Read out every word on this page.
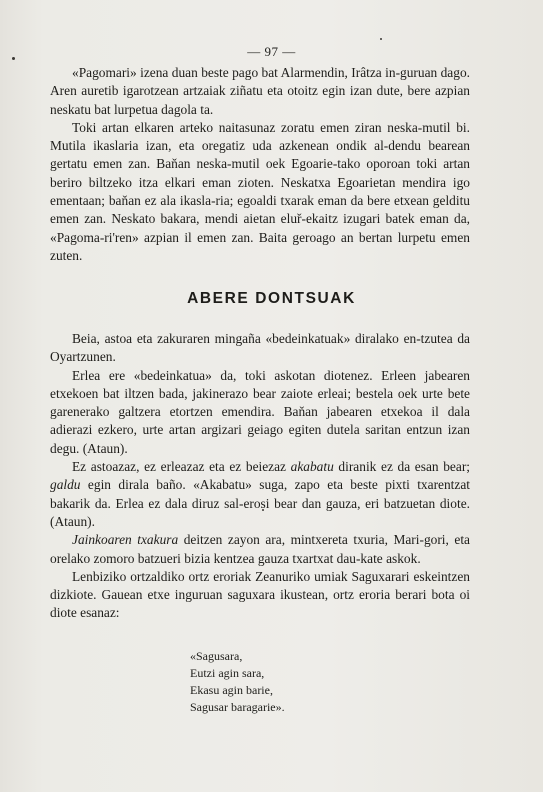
— 97 —

«Pagomari» izena duan beste pago bat Alarmendin, Irâtza in-guruan dago. Aren auretib igarotzean artzaiak ziñatu eta otoitz egin izan dute, bere azpian neskatu bat lurpetua dagola ta.

Toki artan elkaren arteko naitasunaz zoratu emen ziran neska-mutil bi. Mutila ikaslaria izan, eta oregatiz uda azkenean ondik al-dendu bearean gertatu emen zan. Baňan neska-mutil oek Egoarie-tako oporoan toki artan beriro biltzeko itza elkari eman zioten. Neskatxa Egoarietan mendira igo ementaan; baňan ez ala ikasla-ria; egoaldi txarak eman da bere etxean gelditu emen zan. Neskato bakara, mendi aietan eluř-ekaitz izugari batek eman da, «Pagoma-ri'ren» azpian il emen zan. Baita geroago an bertan lurpetu emen zuten.

ABERE DONTSUAK

Beia, astoa eta zakuraren mingaña «bedeinkatuak» diralako en-tzutea da Oyartzunen.

Erlea ere «bedeinkatua» da, toki askotan diotenez. Erleen jabearen etxekoen bat iltzen bada, jakinerazo bear zaiote erleai; bestela oek urte bete garenerako galtzera etortzen emendira. Baňan jabearen etxekoa il dala adierazi ezkero, urte artan argizari geiago egiten dutela saritan entzun izan degu. (Ataun).

Ez astoazaz, ez erleazaz eta ez beiezaz akabatu diranik ez da esan bear; galdu egin dirala baño. «Akabatu» suga, zapo eta beste pixti txarentzat bakarik da. Erlea ez dala diruz sal-erosi bear dan gauza, eri batzuetan diote. (Ataun).

Jainkoaren txakura deitzen zayon ara, mintxereta txuria, Mari-gori, eta orelako zomoro batzueri bizia kentzea gauza txartxat dau-kate askok.

Lenbiziko ortzaldiko ortz eroriak Zeanuriko umiak Saguxarari eskeintzen dizkiote. Gauean etxe inguruan saguxara ikustean, ortz eroria berari bota oi diote esanaz:

«Sagusara,
Eutzi agin sara,
Ekasu agin barie,
Sagusar baragarie».
